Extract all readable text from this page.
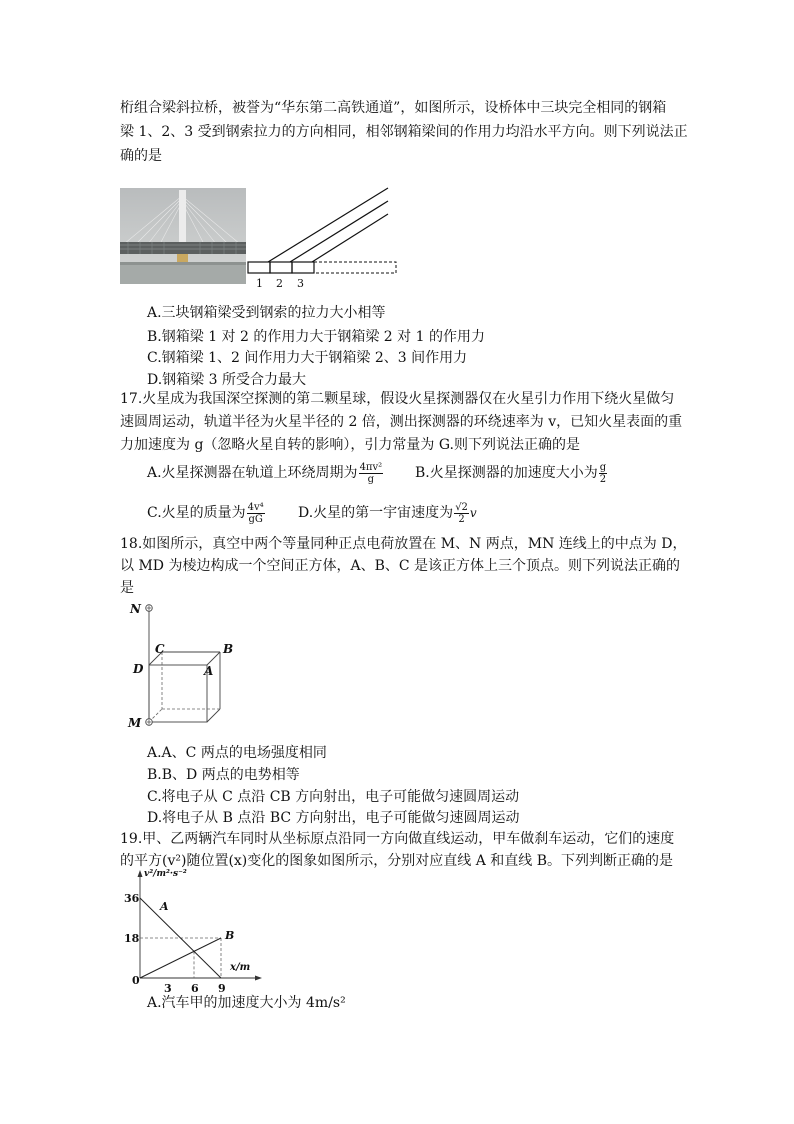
桁组合梁斜拉桥，被誉为“华东第二高铁通道”，如图所示，设桥体中三块完全相同的钢箱
梁 1、2、3 受到钢索拉力的方向相同，相邻钢箱梁间的作用力均沿水平方向。则下列说法正
确的是
1 2 3
A.三块钢箱梁受到钢索的拉力大小相等
B.钢箱梁 1 对 2 的作用力大于钢箱梁 2 对 1 的作用力
C.钢箱梁 1、2 间作用力大于钢箱梁 2、3 间作用力
D.钢箱梁 3 所受合力最大
17.火星成为我国深空探测的第二颗星球，假设火星探测器仅在火星引力作用下绕火星做匀
速圆周运动，轨道半径为火星半径的 2 倍，测出探测器的环绕速率为 v，已知火星表面的重
力加速度为 g（忽略火星自转的影响），引力常量为 G.则下列说法正确的是
A.火星探测器在轨道上环绕周期为 $\frac{\text{4πv²}}{g} B$.火星探测器的加速度大小为 $\frac{g}{2}$
C.火星的质量为 $\frac{\text{4v⁴}}{gG} D$.火星的第一宇宙速度为 $\frac{√2}{2}$ v
18.如图所示，真空中两个等量同种正点电荷放置在 M、N 两点，MN 连线上的中点为 D，
以 MD 为棱边构成一个空间正方体，A、B、C 是该正方体上三个顶点。则下列说法正确的
是
N
C	B
D	A
M
A.A、C 两点的电场强度相同
B.B、D 两点的电势相等
C.将电子从 C 点沿 CB 方向射出，电子可能做匀速圆周运动
D.将电子从 B 点沿 BC 方向射出，电子可能做匀速圆周运动
19.甲、乙两辆汽车同时从坐标原点沿同一方向做直线运动，甲车做刹车运动，它们的速度
的平方(v²)随位置(x)变化的图象如图所示，分别对应直线 A 和直线 B。下列判断正确的是
A
B
3 6 9
18
36
v²/m²·s⁻²
x/m
0
A.汽车甲的加速度大小为 4m/s²
